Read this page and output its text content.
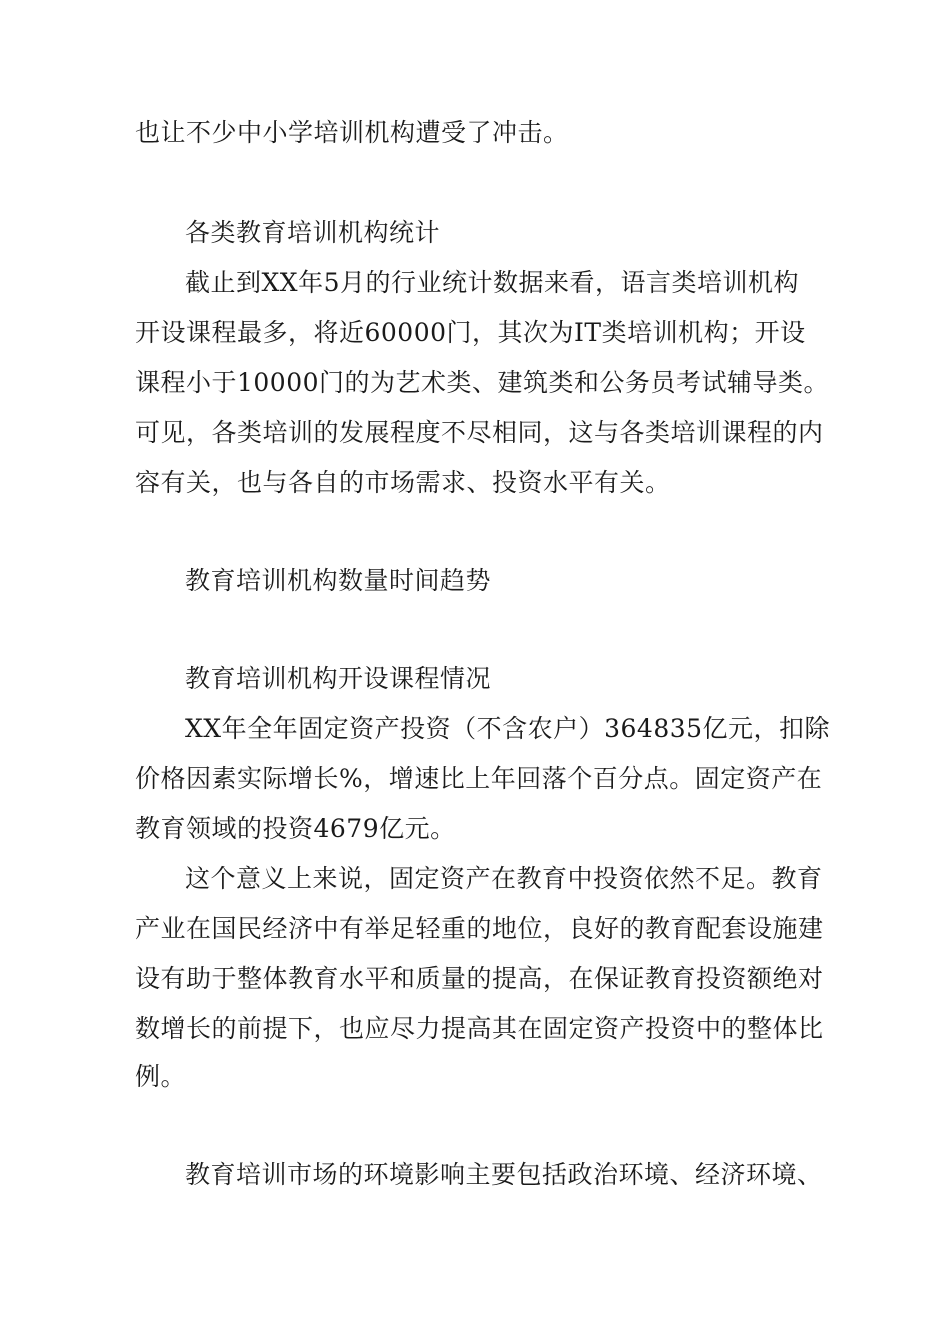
也让不少中小学培训机构遭受了冲击。
各类教育培训机构统计
截止到XX年5月的行业统计数据来看，语言类培训机构
开设课程最多，将近60000门，其次为IT类培训机构；开设
课程小于10000门的为艺术类、建筑类和公务员考试辅导类。
可见，各类培训的发展程度不尽相同，这与各类培训课程的内
容有关，也与各自的市场需求、投资水平有关。
教育培训机构数量时间趋势
教育培训机构开设课程情况
XX年全年固定资产投资（不含农户）364835亿元，扣除
价格因素实际增长%，增速比上年回落个百分点。固定资产在
教育领域的投资4679亿元。
这个意义上来说，固定资产在教育中投资依然不足。教育
产业在国民经济中有举足轻重的地位，良好的教育配套设施建
设有助于整体教育水平和质量的提高，在保证教育投资额绝对
数增长的前提下，也应尽力提高其在固定资产投资中的整体比
例。
教育培训市场的环境影响主要包括政治环境、经济环境、
